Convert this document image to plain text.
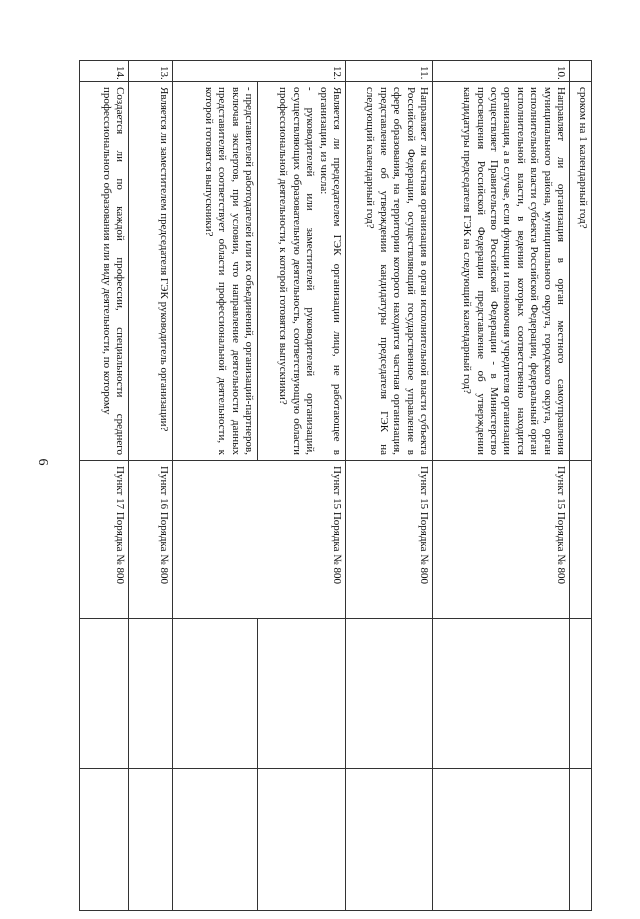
6
	сроком на 1 календарный год?			
10.	Направляет ли организация в орган местного самоуправления муниципального района, муниципального округа, городского округа, орган исполнительной власти субъекта Российской Федерации, федеральный орган исполнительной власти, в ведении которых соответственно находится организация, а в случае, если функции и полномочия учредителя организации осуществляет Правительство Российской Федерации - в Министерство просвещения Российской Федерации представление об утверждении кандидатуры председателя ГЭК на следующий календарный год?	Пункт 15 Порядка № 800		
11.	Направляет ли частная организация в орган исполнительной власти субъекта Российской Федерации, осуществляющий государственное управление в сфере образования, на территории которого находится частная организация, представление об утверждении кандидатуры председателя ГЭК на следующий календарный год?	Пункт 15 Порядка № 800		
12.	Является ли председателем ГЭК организации лицо, не работающее в организации, из числа:
- руководителей или заместителей руководителей организаций, осуществляющих образовательную деятельность, соответствующую области профессиональной деятельности, к которой готовятся выпускники?	Пункт 15 Порядка № 800		
	- представителей работодателей или их объединений, организаций-партнеров, включая экспертов, при условии, что направление деятельности данных представителей соответствует области профессиональной деятельности, к которой готовятся выпускники?			
13.	Является ли заместителем председателя ГЭК руководитель организации?	Пункт 16 Порядка № 800		
14.	Создается ли по каждой профессии, специальности среднего профессионального образования или виду деятельности, по которому	Пункт 17 Порядка № 800		
